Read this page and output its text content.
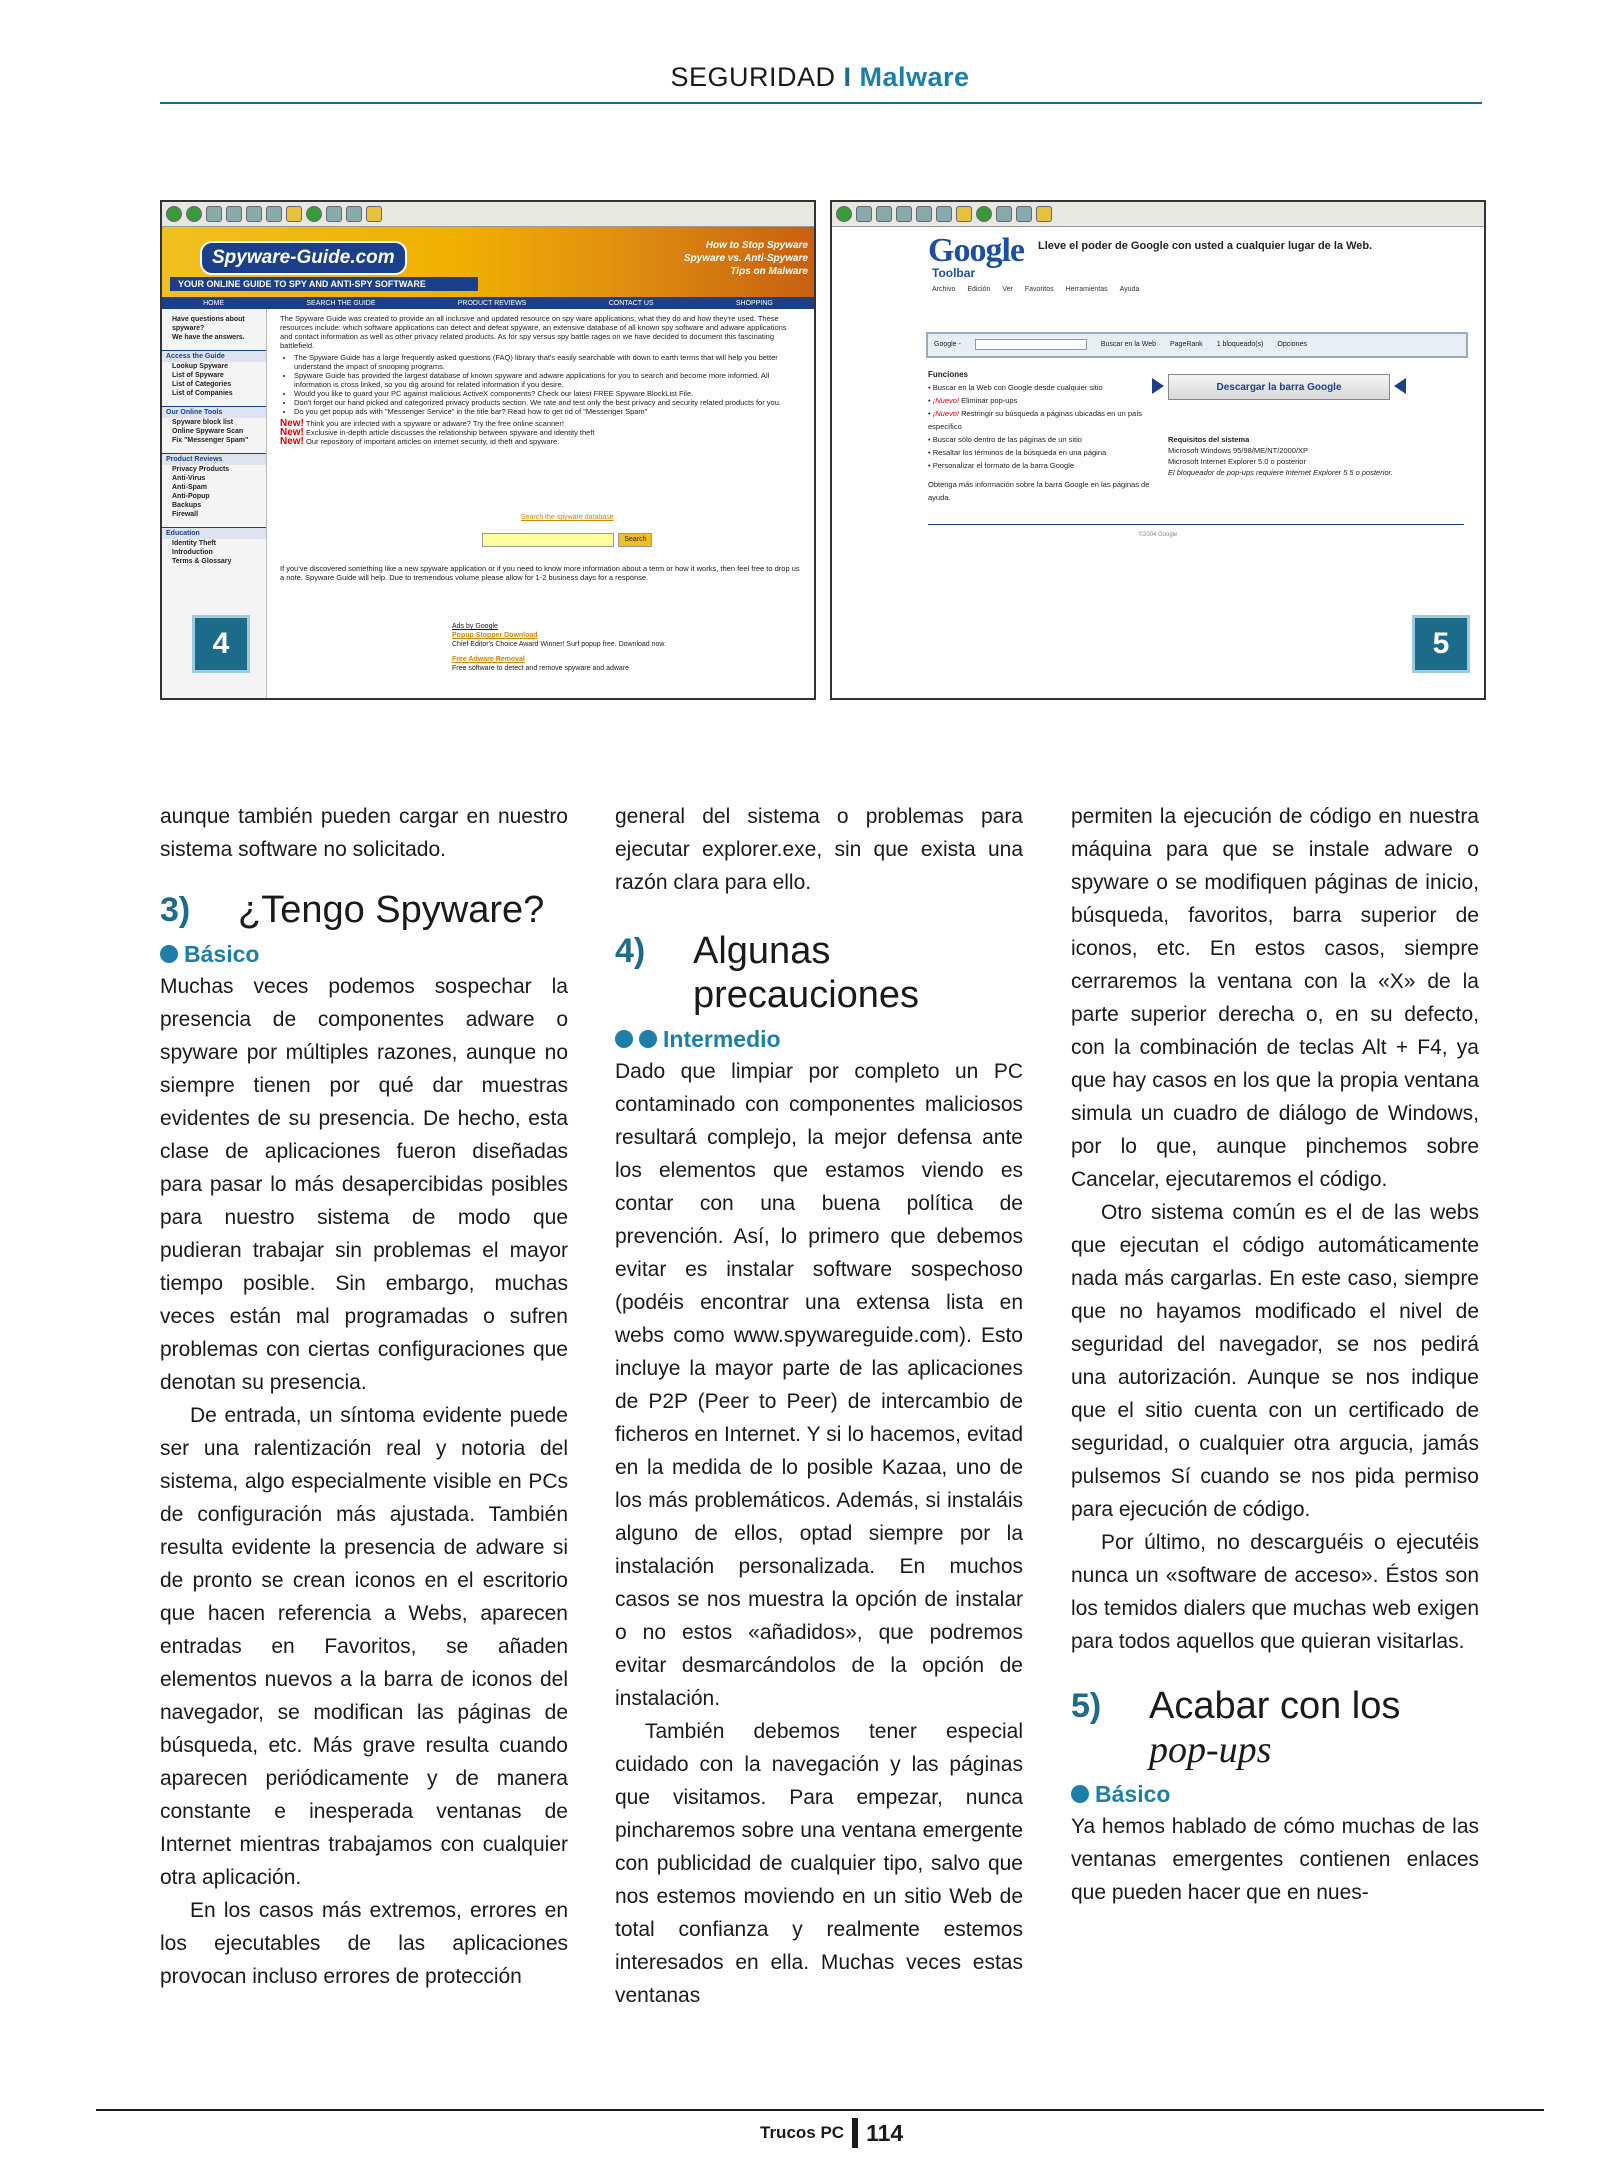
SEGURIDAD I Malware
Spyware-Guide.com
YOUR ONLINE GUIDE TO SPY AND ANTI-SPY SOFTWARE
How to Stop Spyware
Spyware vs. Anti-Spyware
Tips on Malware
HOME	SEARCH THE GUIDE	PRODUCT REVIEWS	CONTACT US	SHOPPING
Have questions about spyware?
We have the answers.
Access the Guide
Lookup Spyware
List of Spyware
List of Categories
List of Companies
Our Online Tools
Spyware block list
Online Spyware Scan
Fix "Messenger Spam"
Product Reviews
Privacy Products
Anti-Virus
Anti-Spam
Anti-Popup
Backups
Firewall
Education
Identity Theft
Introduction
Terms & Glossary
The Spyware Guide was created to provide an all inclusive and updated resource on spy ware applications, what they do and how they're used. These resources include: which software applications can detect and defeat spyware, an extensive database of all known spy software and adware applications and contact information as well as other privacy related products. As for spy versus spy battle rages on we have decided to document this fascinating battlefield.
• The Spyware Guide has a large frequently asked questions (FAQ) library that's easily searchable with down to earth terms that will help you better understand the impact of snooping programs.
• Spyware Guide has provided the largest database of known spyware and adware applications for you to search and become more informed. All information is cross linked, so you dig around for related information if you desire.
• Would you like to guard your PC against malicious ActiveX components? Check our latest FREE Spyware BlockList File.
• Don't forget our hand picked and categorized privacy products section. We rate and test only the best privacy and security related products for you.
• Do you get popup ads with "Messenger Service" in the title bar? Read how to get rid of "Messenger Spam"
New! Think you are infected with a spyware or adware? Try the free online scanner!
New! Exclusive in-depth article discusses the relationship between spyware and identity theft
New! Our repository of important articles on internet security, id theft and spyware.
Search the spyware database
Search
If you've discovered something like a new spyware application or if you need to know more information about a term or how it works, then feel free to drop us a note. Spyware Guide will help. Due to tremendous volume please allow for 1-2 business days for a response.
Ads by Google
Popup Stopper Download
Chief Editor's Choice Award Winner! Surf popup free. Download now.
Free Adware Removal
Free software to detect and remove spyware and adware
4
Google
Toolbar
Lleve el poder de Google con usted a cualquier lugar de la Web.
Archivo Edición Ver Favoritos Herramientas Ayuda
Google -	Buscar en la Web PageRank 1 bloqueado(s) Opciones
Funciones
• Buscar en la Web con Google desde cualquier sitio
• ¡Nuevo! Eliminar pop-ups
• ¡Nuevo! Restringir su búsqueda a páginas ubicadas en un país específico
• Buscar sólo dentro de las páginas de un sitio
• Resaltar los términos de la búsqueda en una página
• Personalizar el formato de la barra Google
Obtenga más información sobre la barra Google en las páginas de ayuda.
Descargar la barra Google
Requisitos del sistema
Microsoft Windows 95/98/ME/NT/2000/XP
Microsoft Internet Explorer 5.0 o posterior
El bloqueador de pop-ups requiere Internet Explorer 5.5 o posterior.
©2004 Google
5

aunque también pueden cargar en nuestro sistema software no solicitado.

3)	¿Tengo Spyware?
Básico

Muchas veces podemos sospechar la presencia de componentes adware o spyware por múltiples razones, aunque no siempre tienen por qué dar muestras evidentes de su presencia. De hecho, esta clase de aplicaciones fueron diseñadas para pasar lo más desapercibidas posibles para nuestro sistema de modo que pudieran trabajar sin problemas el mayor tiempo posible. Sin embargo, muchas veces están mal programadas o sufren problemas con ciertas configuraciones que denotan su presencia.

De entrada, un síntoma evidente puede ser una ralentización real y notoria del sistema, algo especialmente visible en PCs de configuración más ajustada. También resulta evidente la presencia de adware si de pronto se crean iconos en el escritorio que hacen referencia a Webs, aparecen entradas en Favoritos, se añaden elementos nuevos a la barra de iconos del navegador, se modifican las páginas de búsqueda, etc. Más grave resulta cuando aparecen periódicamente y de manera constante e inesperada ventanas de Internet mientras trabajamos con cualquier otra aplicación.

En los casos más extremos, errores en los ejecutables de las aplicaciones provocan incluso errores de protección

general del sistema o problemas para ejecutar explorer.exe, sin que exista una razón clara para ello.

4)	Algunas
precauciones
Intermedio

Dado que limpiar por completo un PC contaminado con componentes maliciosos resultará complejo, la mejor defensa ante los elementos que estamos viendo es contar con una buena política de prevención. Así, lo primero que debemos evitar es instalar software sospechoso (podéis encontrar una extensa lista en webs como www.spywareguide.com). Esto incluye la mayor parte de las aplicaciones de P2P (Peer to Peer) de intercambio de ficheros en Internet. Y si lo hacemos, evitad en la medida de lo posible Kazaa, uno de los más problemáticos. Además, si instaláis alguno de ellos, optad siempre por la instalación personalizada. En muchos casos se nos muestra la opción de instalar o no estos «añadidos», que podremos evitar desmarcándolos de la opción de instalación.

También debemos tener especial cuidado con la navegación y las páginas que visitamos. Para empezar, nunca pincharemos sobre una ventana emergente con publicidad de cualquier tipo, salvo que nos estemos moviendo en un sitio Web de total confianza y realmente estemos interesados en ella. Muchas veces estas ventanas

permiten la ejecución de código en nuestra máquina para que se instale adware o spyware o se modifiquen páginas de inicio, búsqueda, favoritos, barra superior de iconos, etc. En estos casos, siempre cerraremos la ventana con la «X» de la parte superior derecha o, en su defecto, con la combinación de teclas Alt + F4, ya que hay casos en los que la propia ventana simula un cuadro de diálogo de Windows, por lo que, aunque pinchemos sobre Cancelar, ejecutaremos el código.

Otro sistema común es el de las webs que ejecutan el código automáticamente nada más cargarlas. En este caso, siempre que no hayamos modificado el nivel de seguridad del navegador, se nos pedirá una autorización. Aunque se nos indique que el sitio cuenta con un certificado de seguridad, o cualquier otra argucia, jamás pulsemos Sí cuando se nos pida permiso para ejecución de código.

Por último, no descarguéis o ejecutéis nunca un «software de acceso». Éstos son los temidos dialers que muchas web exigen para todos aquellos que quieran visitarlas.

5)	Acabar con los
pop-ups
Básico

Ya hemos hablado de cómo muchas de las ventanas emergentes contienen enlaces que pueden hacer que en nues-

Trucos PC 114
